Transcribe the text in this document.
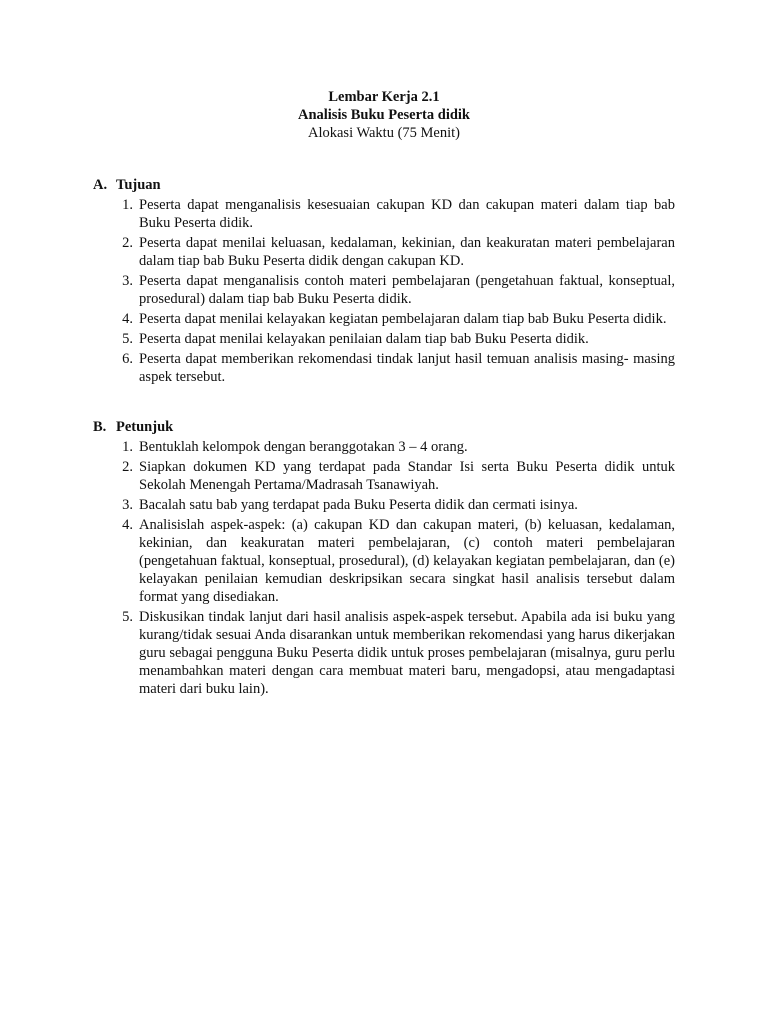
Lembar Kerja 2.1
Analisis Buku Peserta didik
Alokasi Waktu (75 Menit)
A. Tujuan
1. Peserta dapat menganalisis kesesuaian cakupan KD dan cakupan materi dalam tiap bab Buku Peserta didik.
2. Peserta dapat menilai keluasan, kedalaman, kekinian, dan keakuratan materi pembelajaran dalam tiap bab Buku Peserta didik dengan cakupan KD.
3. Peserta dapat menganalisis contoh materi pembelajaran (pengetahuan faktual, konseptual, prosedural) dalam tiap bab Buku Peserta didik.
4. Peserta dapat menilai kelayakan kegiatan pembelajaran dalam tiap bab Buku Peserta didik.
5. Peserta dapat menilai kelayakan penilaian dalam tiap bab Buku Peserta didik.
6. Peserta dapat memberikan rekomendasi tindak lanjut hasil temuan analisis masing- masing aspek tersebut.
B. Petunjuk
1. Bentuklah kelompok dengan beranggotakan 3 – 4 orang.
2. Siapkan dokumen KD yang terdapat pada Standar Isi serta Buku Peserta didik untuk Sekolah Menengah Pertama/Madrasah Tsanawiyah.
3. Bacalah satu bab yang terdapat pada Buku Peserta didik dan cermati isinya.
4. Analisislah aspek-aspek: (a) cakupan KD dan cakupan materi, (b) keluasan, kedalaman, kekinian, dan keakuratan materi pembelajaran, (c) contoh materi pembelajaran (pengetahuan faktual, konseptual, prosedural), (d) kelayakan kegiatan pembelajaran, dan (e) kelayakan penilaian kemudian deskripsikan secara singkat hasil analisis tersebut dalam format yang disediakan.
5. Diskusikan tindak lanjut dari hasil analisis aspek-aspek tersebut. Apabila ada isi buku yang kurang/tidak sesuai Anda disarankan untuk memberikan rekomendasi yang harus dikerjakan guru sebagai pengguna Buku Peserta didik untuk proses pembelajaran (misalnya, guru perlu menambahkan materi dengan cara membuat materi baru, mengadopsi, atau mengadaptasi materi dari buku lain).
